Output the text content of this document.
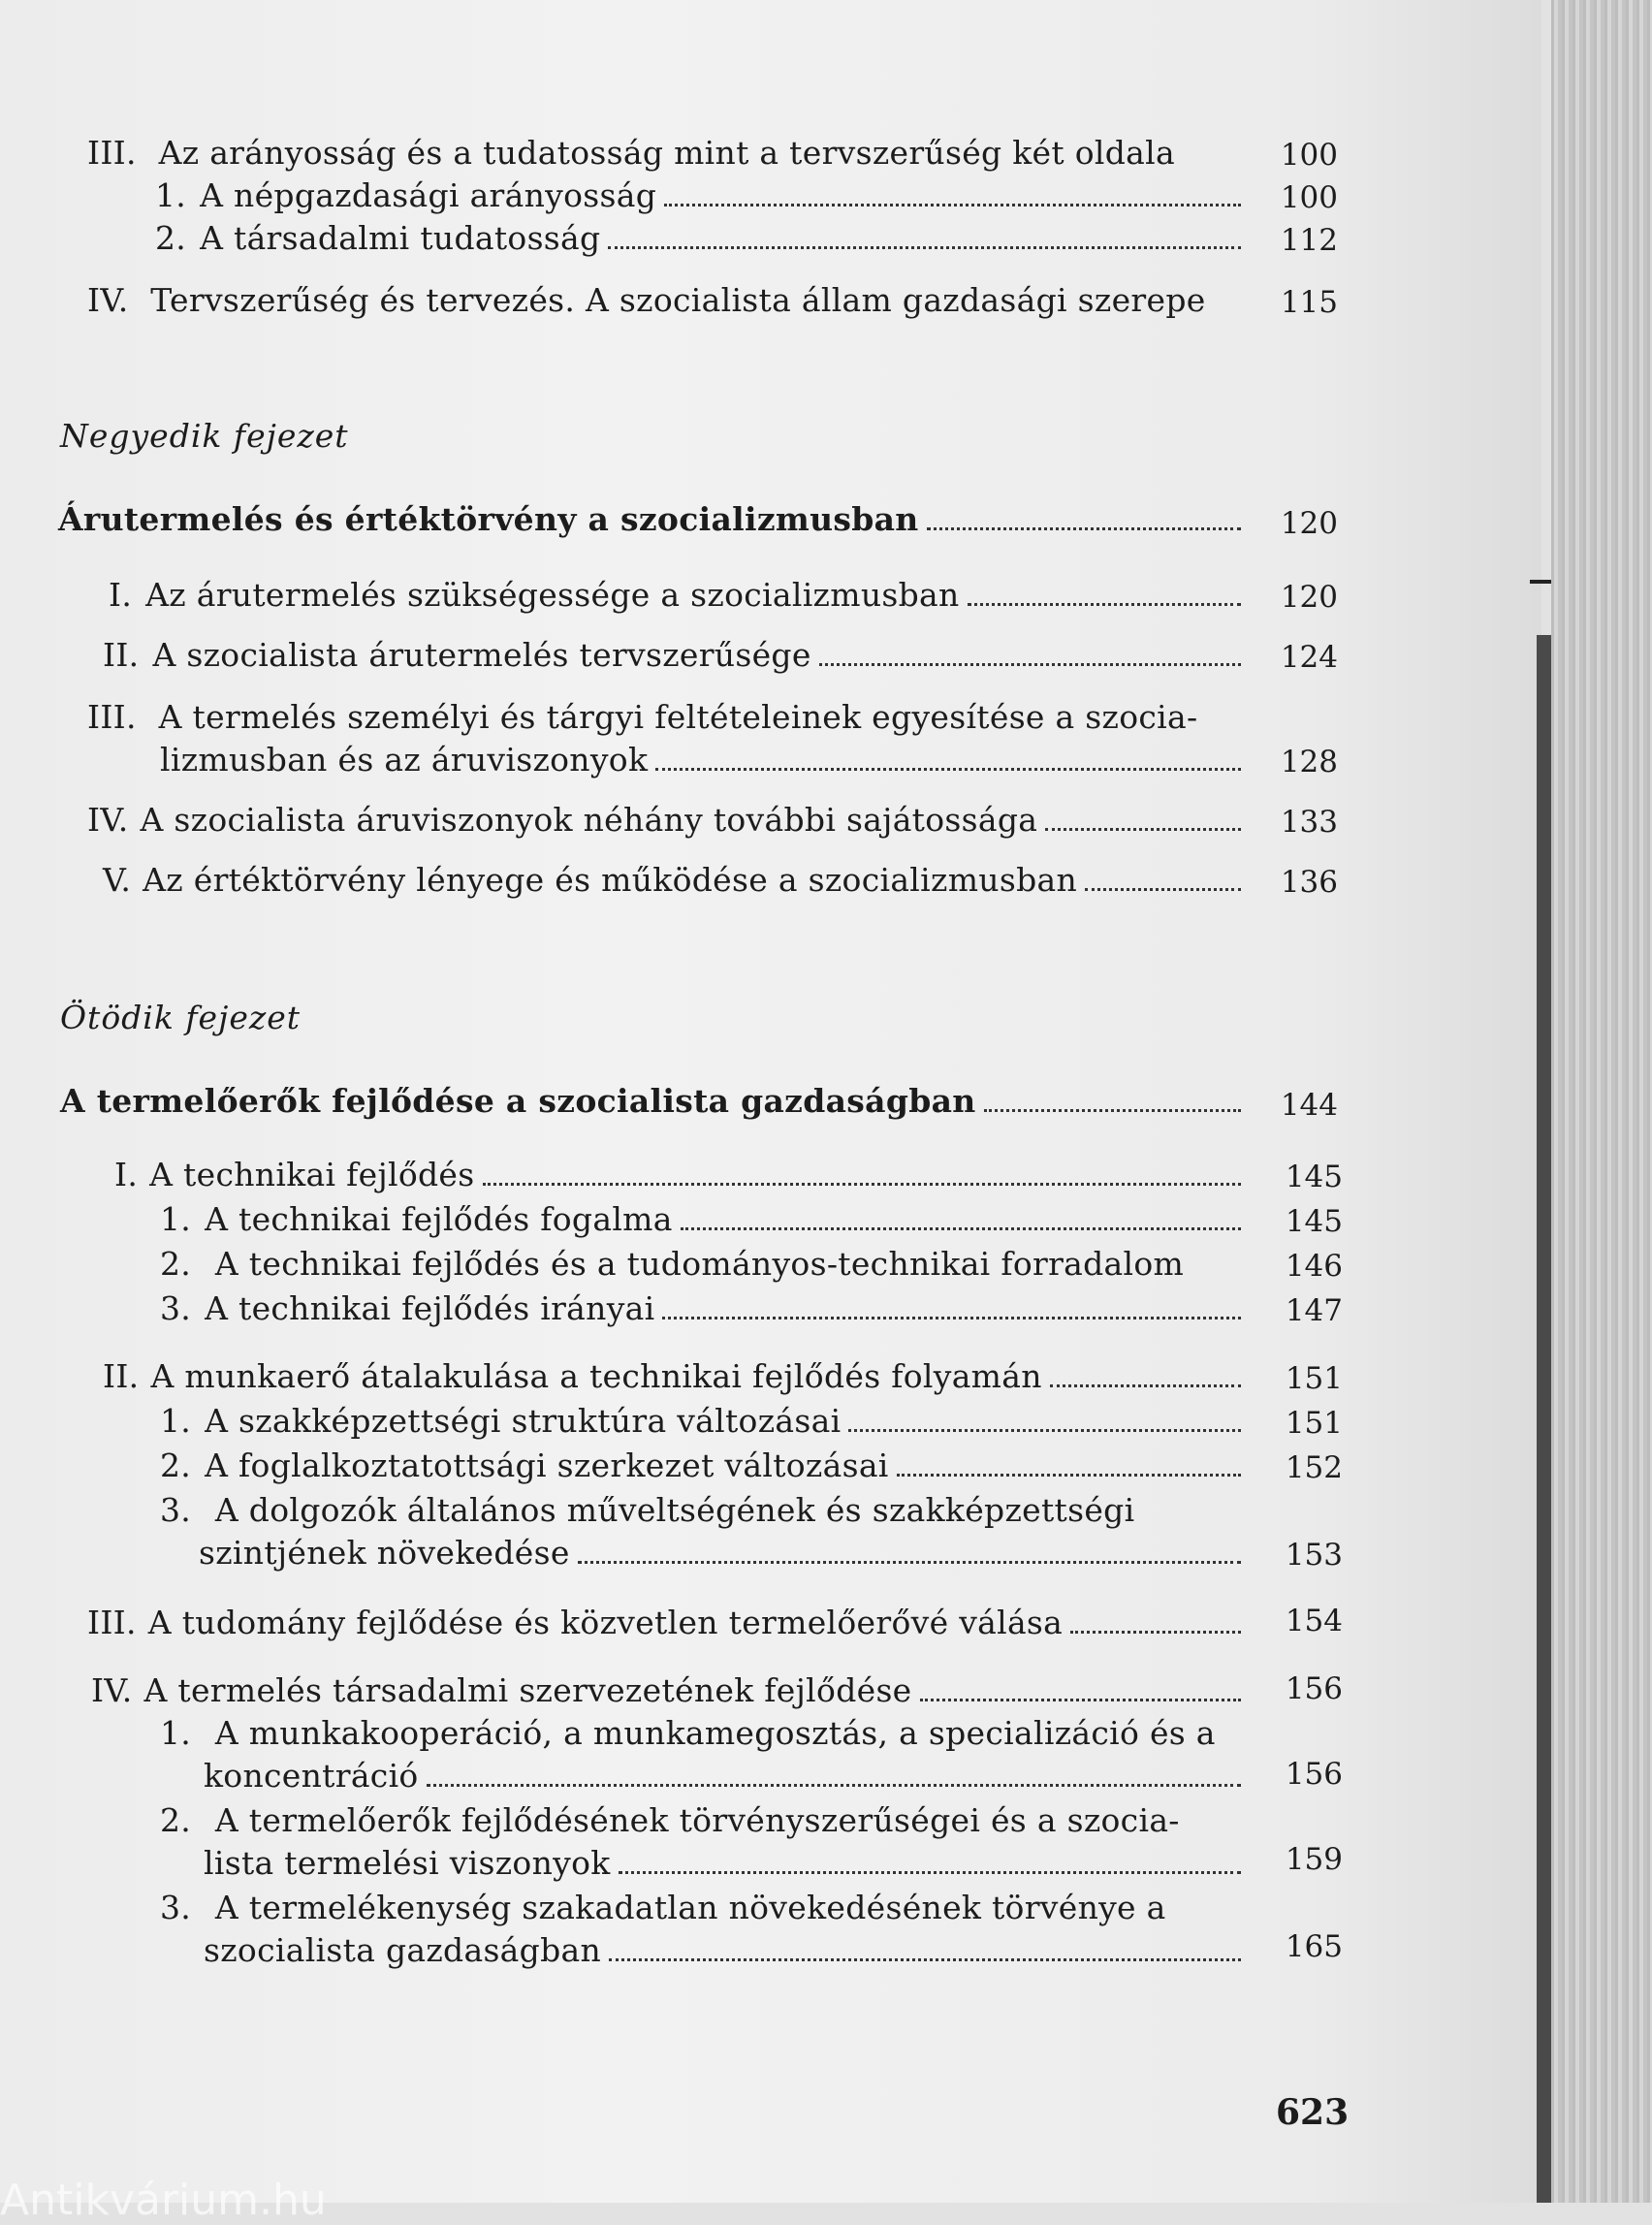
III. Az arányosság és a tudatosság mint a tervszerűség két oldala	100
1. A népgazdasági arányosság	100
2. A társadalmi tudatosság	112
IV. Tervszerűség és tervezés. A szocialista állam gazdasági szerepe	115
Negyedik fejezet
Árutermelés és értéktörvény a szocializmusban	120
I. Az árutermelés szükségessége a szocializmusban	120
II. A szocialista árutermelés tervszerűsége	124
III. A termelés személyi és tárgyi feltételeinek egyesítése a szocia-
lizmusban és az áruviszonyok	128
IV. A szocialista áruviszonyok néhány további sajátossága	133
V. Az értéktörvény lényege és működése a szocializmusban	136
Ötödik fejezet
A termelőerők fejlődése a szocialista gazdaságban	144
I. A technikai fejlődés	145
1. A technikai fejlődés fogalma	145
2. A technikai fejlődés és a tudományos-technikai forradalom	146
3. A technikai fejlődés irányai	147
II. A munkaerő átalakulása a technikai fejlődés folyamán	151
1. A szakképzettségi struktúra változásai	151
2. A foglalkoztatottsági szerkezet változásai	152
3. A dolgozók általános műveltségének és szakképzettségi
szintjének növekedése	153
III. A tudomány fejlődése és közvetlen termelőerővé válása	154
IV. A termelés társadalmi szervezetének fejlődése	156
1. A munkakooperáció, a munkamegosztás, a specializáció és a
koncentráció	156
2. A termelőerők fejlődésének törvényszerűségei és a szocia-
lista termelési viszonyok	159
3. A termelékenység szakadatlan növekedésének törvénye a
szocialista gazdaságban	165
623
Antikvárium.hu
